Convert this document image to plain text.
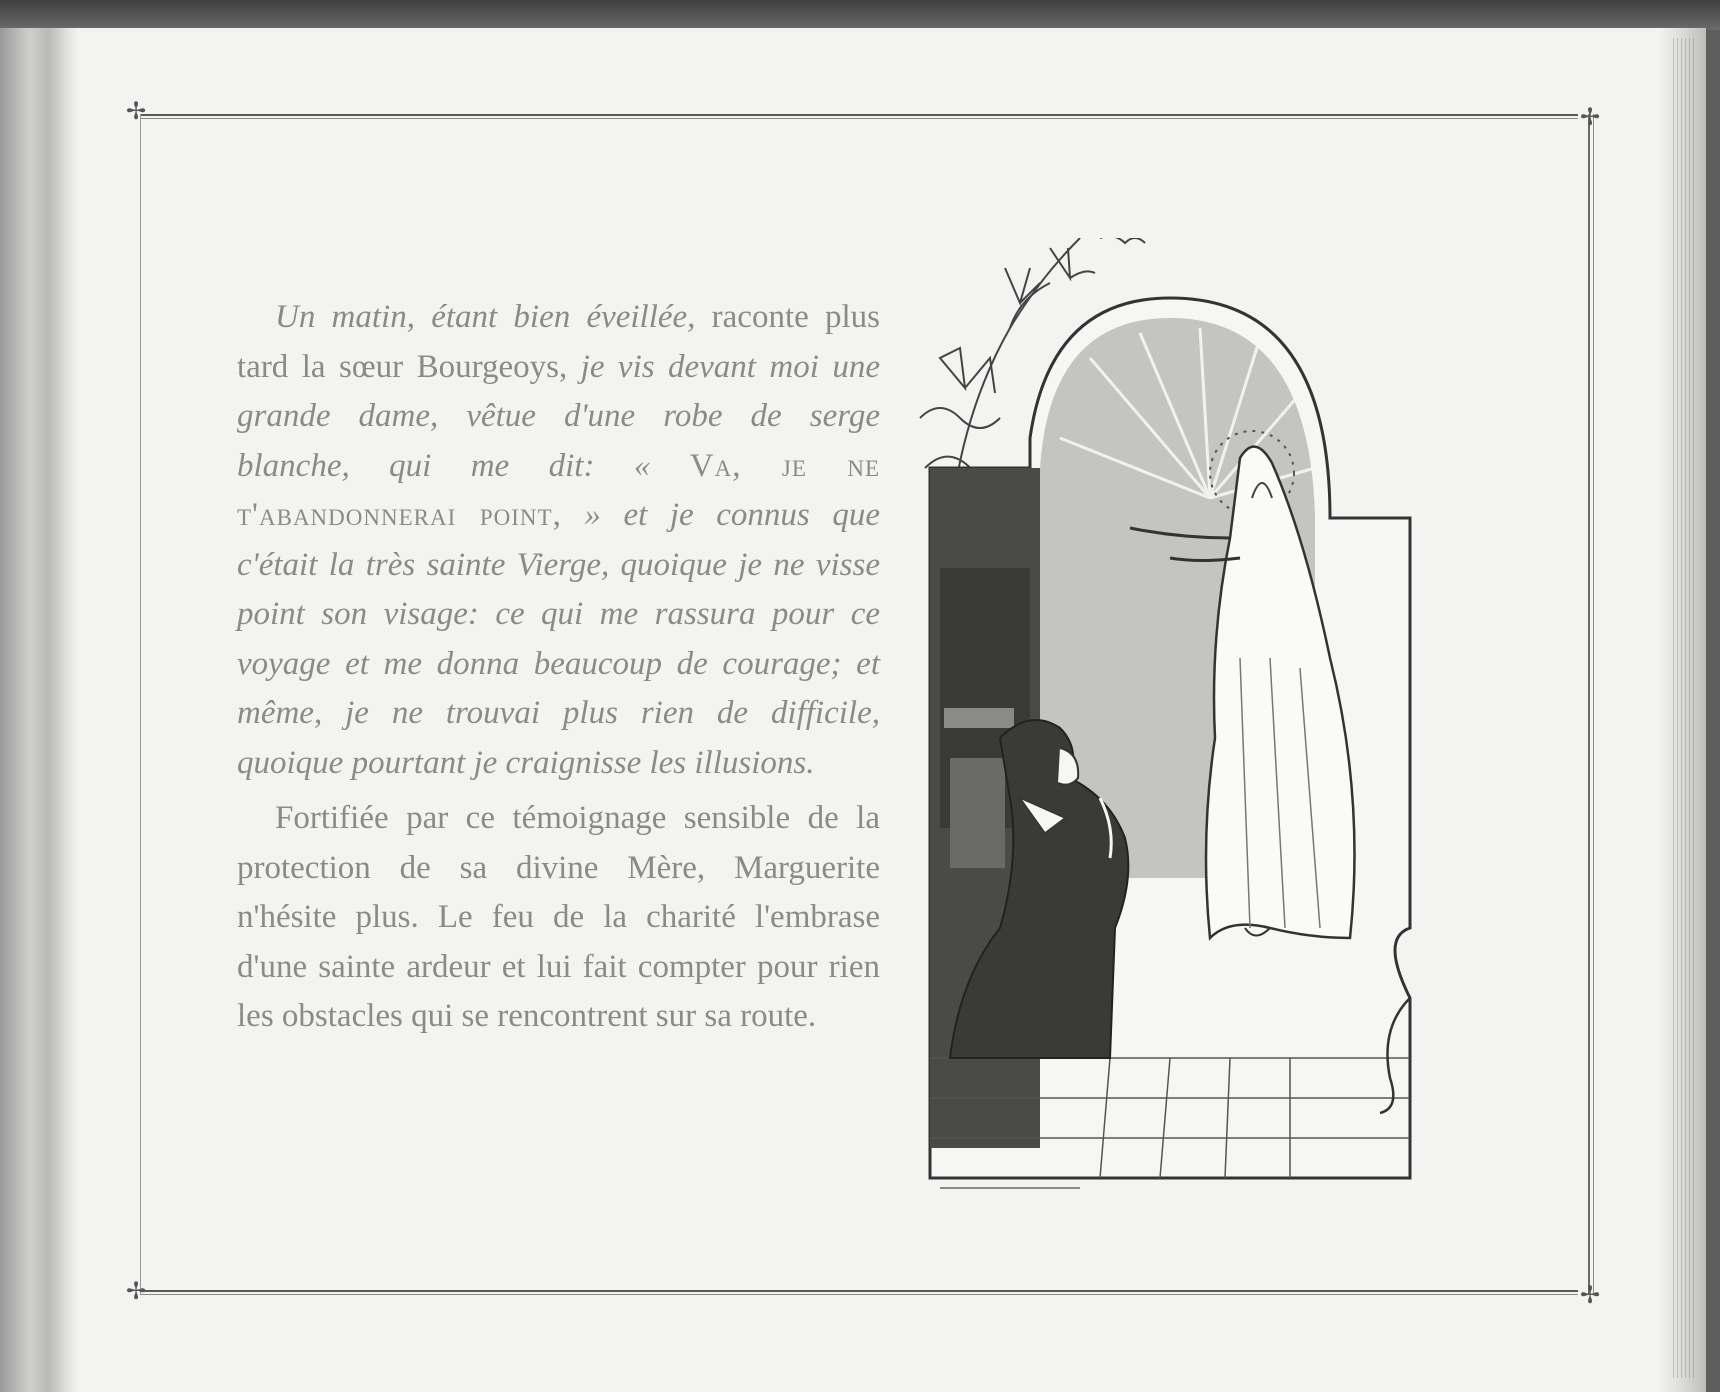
✢	✢
✢	✢

Un matin, étant bien éveillée, raconte plus tard la sœur Bourgeoys, je vis devant moi une grande dame, vêtue d'une robe de serge blanche, qui me dit: « Va, je ne t'abandonnerai point, » et je connus que c'était la très sainte Vierge, quoique je ne visse point son visage: ce qui me rassura pour ce voyage et me donna beaucoup de courage; et même, je ne trouvai plus rien de difficile, quoique pourtant je craignisse les illusions.

Fortifiée par ce témoignage sensible de la protection de sa divine Mère, Marguerite n'hésite plus. Le feu de la charité l'embrase d'une sainte ardeur et lui fait compter pour rien les obstacles qui se rencontrent sur sa route.
